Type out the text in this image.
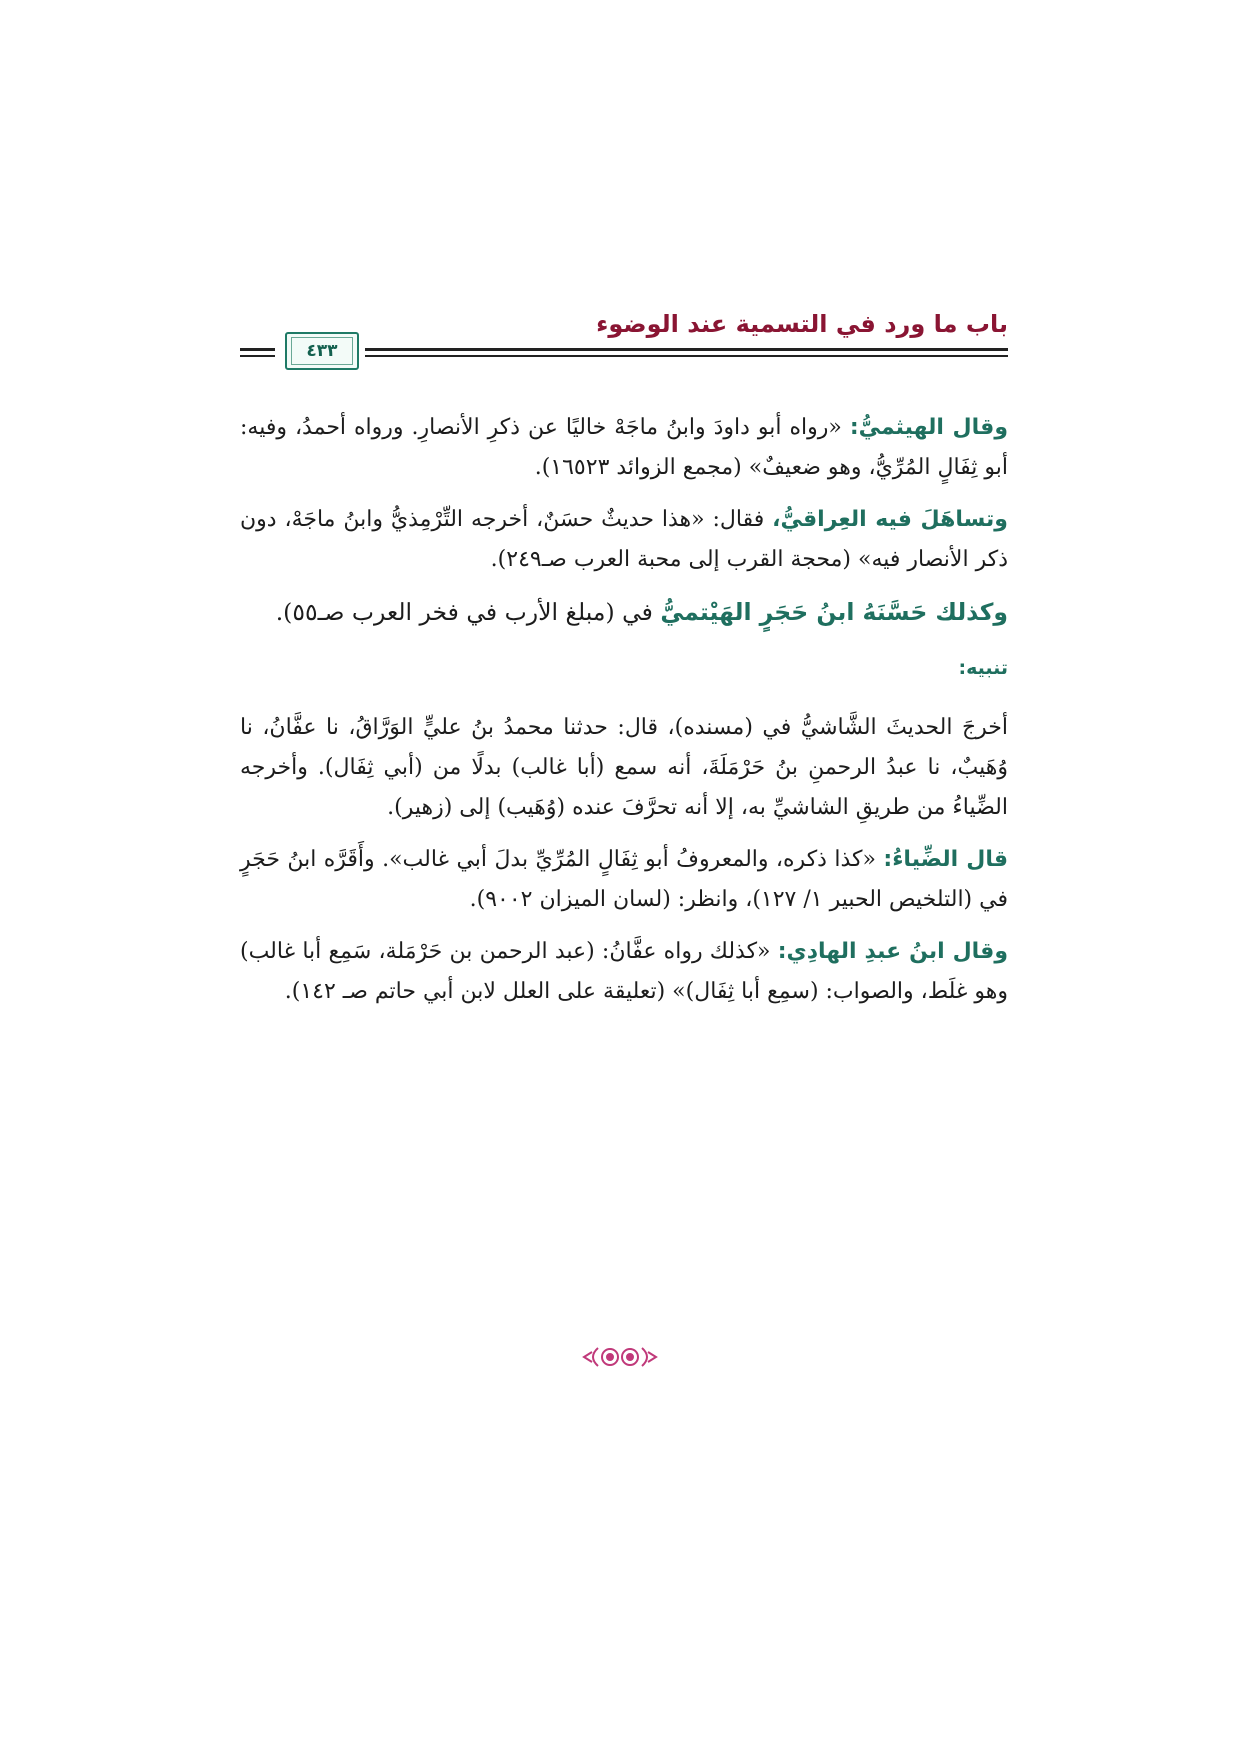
باب ما ورد في التسمية عند الوضوء
٤٣٣

وقال الهيثميُّ: «رواه أبو داودَ وابنُ ماجَهْ خاليًا عن ذكرِ الأنصارِ. ورواه أحمدُ، وفيه: أبو ثِفَالٍ المُرِّيُّ، وهو ضعيفٌ» (مجمع الزوائد ١٦٥٢٣).

وتساهَلَ فيه العِراقيُّ، فقال: «هذا حديثٌ حسَنٌ، أخرجه التِّرْمِذيُّ وابنُ ماجَهْ، دون ذكر الأنصار فيه» (محجة القرب إلى محبة العرب صـ٢٤٩).

وكذلك حَسَّنَهُ ابنُ حَجَرٍ الهَيْتميُّ في (مبلغ الأرب في فخر العرب صـ٥٥).

تنبيه:

أخرجَ الحديثَ الشَّاشيُّ في (مسنده)، قال: حدثنا محمدُ بنُ عليٍّ الوَرَّاقُ، نا عفَّانُ، نا وُهَيبٌ، نا عبدُ الرحمنِ بنُ حَرْمَلَةَ، أنه سمع (أبا غالب) بدلًا من (أبي ثِفَال). وأخرجه الضِّياءُ من طريقِ الشاشيِّ به، إلا أنه تحرَّفَ عنده (وُهَيب) إلى (زهير).

قال الضِّياءُ: «كذا ذكره، والمعروفُ أبو ثِفَالٍ المُرِّيِّ بدلَ أبي غالب». وأَقَرَّه ابنُ حَجَرٍ في (التلخيص الحبير ١/ ١٢٧)، وانظر: (لسان الميزان ٩٠٠٢).

وقال ابنُ عبدِ الهادِي: «كذلك رواه عفَّانُ: (عبد الرحمن بن حَرْمَلة، سَمِع أبا غالب) وهو غلَط، والصواب: (سمِع أبا ثِفَال)» (تعليقة على العلل لابن أبي حاتم صـ ١٤٢).
